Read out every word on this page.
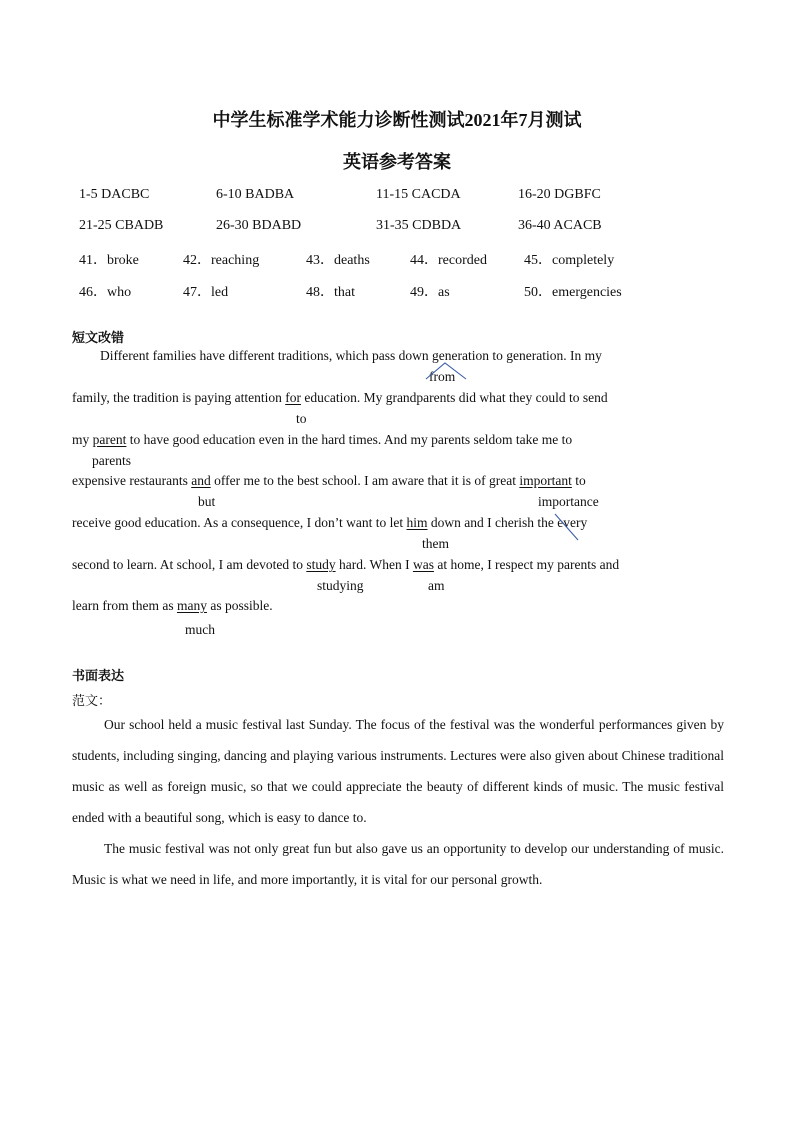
中学生标准学术能力诊断性测试2021年7月测试
英语参考答案
1-5 DACBC	6-10 BADBA	11-15 CACDA	16-20 DGBFC
21-25 CBADB	26-30 BDABD	31-35 CDBDA	36-40 ACACB
41．broke	42．reaching	43．deaths	44．recorded	45．completely
46．who	47．led	48．that	49．as	50．emergencies
短文改错
Different families have different traditions, which pass down generation to generation. In my
from
family, the tradition is paying attention for education. My grandparents did what they could to send
to
my parent to have good education even in the hard times. And my parents seldom take me to
parents
expensive restaurants and offer me to the best school. I am aware that it is of great important to
but	importance
receive good education. As a consequence, I don’t want to let him down and I cherish the every
them
second to learn. At school, I am devoted to study hard. When I was at home, I respect my parents and
studying	am
learn from them as many as possible.
much
书面表达
范文：

Our school held a music festival last Sunday. The focus of the festival was the wonderful performances given by students, including singing, dancing and playing various instruments. Lectures were also given about Chinese traditional music as well as foreign music, so that we could appreciate the beauty of different kinds of music. The music festival ended with a beautiful song, which is easy to dance to.

The music festival was not only great fun but also gave us an opportunity to develop our understanding of music. Music is what we need in life, and more importantly, it is vital for our personal growth.
